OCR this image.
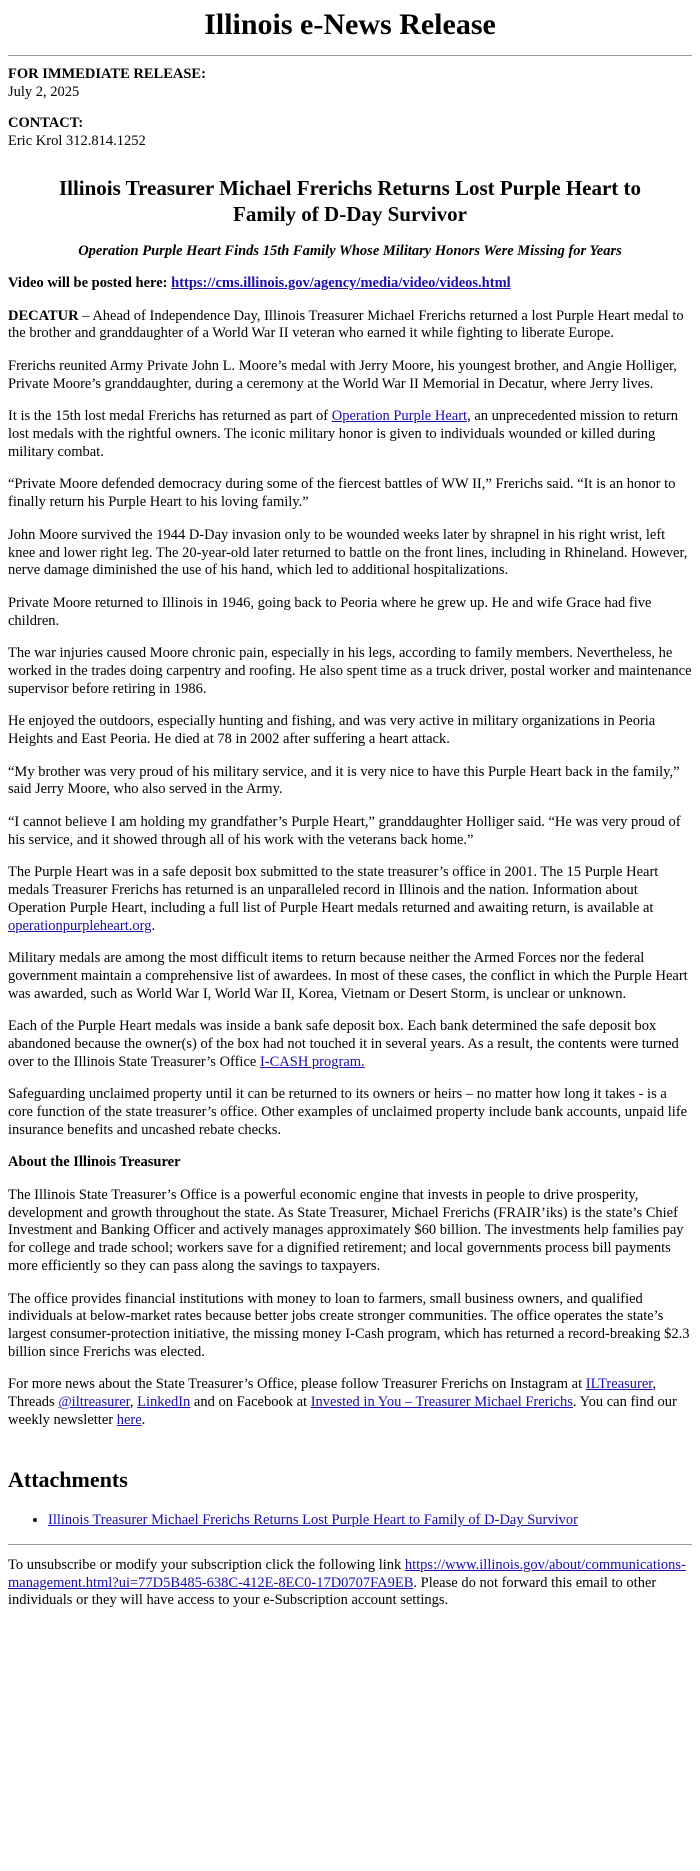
Illinois e-News Release

FOR IMMEDIATE RELEASE:
July 2, 2025

CONTACT:
Eric Krol 312.814.1252

Illinois Treasurer Michael Frerichs Returns Lost Purple Heart to Family of D-Day Survivor

Operation Purple Heart Finds 15th Family Whose Military Honors Were Missing for Years

Video will be posted here: https://cms.illinois.gov/agency/media/video/videos.html

DECATUR – Ahead of Independence Day, Illinois Treasurer Michael Frerichs returned a lost Purple Heart medal to the brother and granddaughter of a World War II veteran who earned it while fighting to liberate Europe.

Frerichs reunited Army Private John L. Moore’s medal with Jerry Moore, his youngest brother, and Angie Holliger, Private Moore’s granddaughter, during a ceremony at the World War II Memorial in Decatur, where Jerry lives.

It is the 15th lost medal Frerichs has returned as part of Operation Purple Heart, an unprecedented mission to return lost medals with the rightful owners. The iconic military honor is given to individuals wounded or killed during military combat.

“Private Moore defended democracy during some of the fiercest battles of WW II,” Frerichs said. “It is an honor to finally return his Purple Heart to his loving family.”

John Moore survived the 1944 D-Day invasion only to be wounded weeks later by shrapnel in his right wrist, left knee and lower right leg. The 20-year-old later returned to battle on the front lines, including in Rhineland. However, nerve damage diminished the use of his hand, which led to additional hospitalizations.

Private Moore returned to Illinois in 1946, going back to Peoria where he grew up. He and wife Grace had five children.

The war injuries caused Moore chronic pain, especially in his legs, according to family members. Nevertheless, he worked in the trades doing carpentry and roofing. He also spent time as a truck driver, postal worker and maintenance supervisor before retiring in 1986.

He enjoyed the outdoors, especially hunting and fishing, and was very active in military organizations in Peoria Heights and East Peoria. He died at 78 in 2002 after suffering a heart attack.

“My brother was very proud of his military service, and it is very nice to have this Purple Heart back in the family,” said Jerry Moore, who also served in the Army.

“I cannot believe I am holding my grandfather’s Purple Heart,” granddaughter Holliger said. “He was very proud of his service, and it showed through all of his work with the veterans back home.”

The Purple Heart was in a safe deposit box submitted to the state treasurer’s office in 2001. The 15 Purple Heart medals Treasurer Frerichs has returned is an unparalleled record in Illinois and the nation. Information about Operation Purple Heart, including a full list of Purple Heart medals returned and awaiting return, is available at operationpurpleheart.org.

Military medals are among the most difficult items to return because neither the Armed Forces nor the federal government maintain a comprehensive list of awardees. In most of these cases, the conflict in which the Purple Heart was awarded, such as World War I, World War II, Korea, Vietnam or Desert Storm, is unclear or unknown.

Each of the Purple Heart medals was inside a bank safe deposit box. Each bank determined the safe deposit box abandoned because the owner(s) of the box had not touched it in several years. As a result, the contents were turned over to the Illinois State Treasurer’s Office I-CASH program.

Safeguarding unclaimed property until it can be returned to its owners or heirs – no matter how long it takes - is a core function of the state treasurer’s office. Other examples of unclaimed property include bank accounts, unpaid life insurance benefits and uncashed rebate checks.

About the Illinois Treasurer

The Illinois State Treasurer’s Office is a powerful economic engine that invests in people to drive prosperity, development and growth throughout the state. As State Treasurer, Michael Frerichs (FRAIR’iks) is the state’s Chief Investment and Banking Officer and actively manages approximately $60 billion. The investments help families pay for college and trade school; workers save for a dignified retirement; and local governments process bill payments more efficiently so they can pass along the savings to taxpayers.

The office provides financial institutions with money to loan to farmers, small business owners, and qualified individuals at below-market rates because better jobs create stronger communities. The office operates the state’s largest consumer-protection initiative, the missing money I-Cash program, which has returned a record-breaking $2.3 billion since Frerichs was elected.

For more news about the State Treasurer’s Office, please follow Treasurer Frerichs on Instagram at ILTreasurer, Threads @iltreasurer, LinkedIn and on Facebook at Invested in You – Treasurer Michael Frerichs. You can find our weekly newsletter here.

Attachments
• Illinois Treasurer Michael Frerichs Returns Lost Purple Heart to Family of D-Day Survivor

To unsubscribe or modify your subscription click the following link https://www.illinois.gov/about/communications-management.html?ui=77D5B485-638C-412E-8EC0-17D0707FA9EB. Please do not forward this email to other individuals or they will have access to your e-Subscription account settings.
